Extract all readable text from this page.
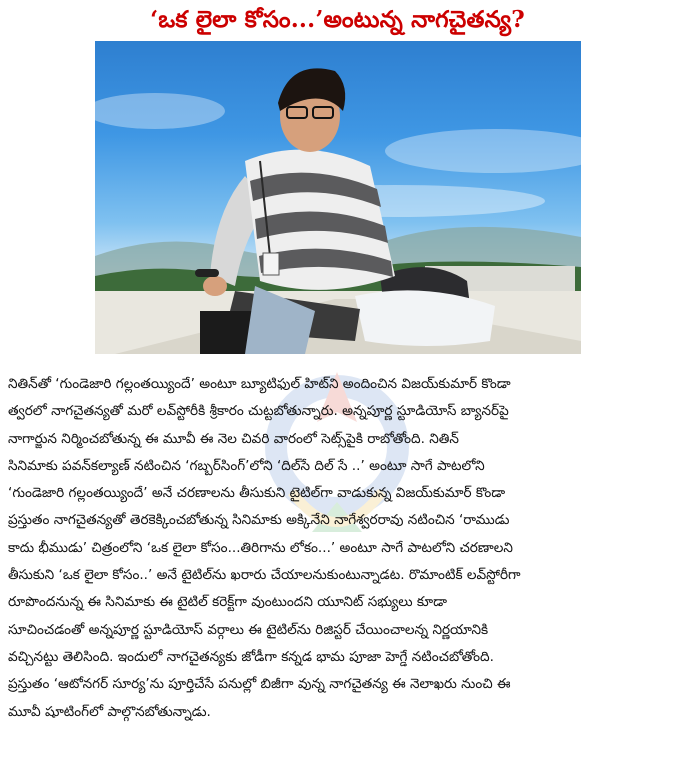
‘ఒక లైలా కోసం...’అంటున్న నాగచైతన్య?
నితిన్‌తో ‘గుండెజారి గల్లంతయ్యిందే’ అంటూ బ్యూటిఫుల్ హిట్‌ని అందించిన విజయ్‌కుమార్ కొండా
త్వరలో నాగచైతన్యతో మరో లవ్‌స్టోరీకి శ్రీకారం చుట్టబోతున్నారు. అన్నపూర్ణ స్టూడియోస్ బ్యానర్‌పై
నాగార్జున నిర్మించబోతున్న ఈ మూవీ ఈ నెల చివరి వారంలో సెట్స్‌పైకి రాబోతోంది. నితిన్
సినిమాకు పవన్‌కల్యాణ్ నటించిన ‘గబ్బర్‌సింగ్’లోని ‘దిల్‌సే దిల్ సే ..’ అంటూ సాగే పాటలోని
‘గుండెజారి గల్లంతయ్యిందే’ అనే చరణాలను తీసుకుని టైటిల్‌గా వాడుకున్న విజయ్‌కుమార్ కొండా
ప్రస్తుతం నాగచైతన్యతో తెరకెక్కించబోతున్న సినిమాకు అక్కినేని నాగేశ్వరరావు నటించిన ‘రాముడు
కాదు భీముడు’ చిత్రంలోని ‘ఒక లైలా కోసం...తిరిగాను లోకం...’ అంటూ సాగే పాటలోని చరణాలని
తీసుకుని ‘ఒక లైలా కోసం..’ అనే టైటిల్‌ను ఖరారు చేయాలనుకుంటున్నాడట. రొమాంటిక్ లవ్‌స్టోరీగా
రూపొందనున్న ఈ సినిమాకు ఈ టైటిల్ కరెక్ట్‌గా వుంటుందని యూనిట్ సభ్యులు కూడా
సూచించడంతో అన్నపూర్ణ స్టూడియోస్ వర్గాలు ఈ టైటిల్‌ను రిజిస్టర్ చేయించాలన్న నిర్ణయానికి
వచ్చినట్టు తెలిసింది. ఇందులో నాగచైతన్యకు జోడీగా కన్నడ భామ పూజా హెగ్డే నటించబోతోంది.
ప్రస్తుతం ‘ఆటోనగర్ సూర్య’ను పూర్తిచేసే పనుల్లో బిజీగా వున్న నాగచైతన్య ఈ నెలాఖరు నుంచి ఈ
మూవీ షూటింగ్‌లో పాల్గొనబోతున్నాడు.
